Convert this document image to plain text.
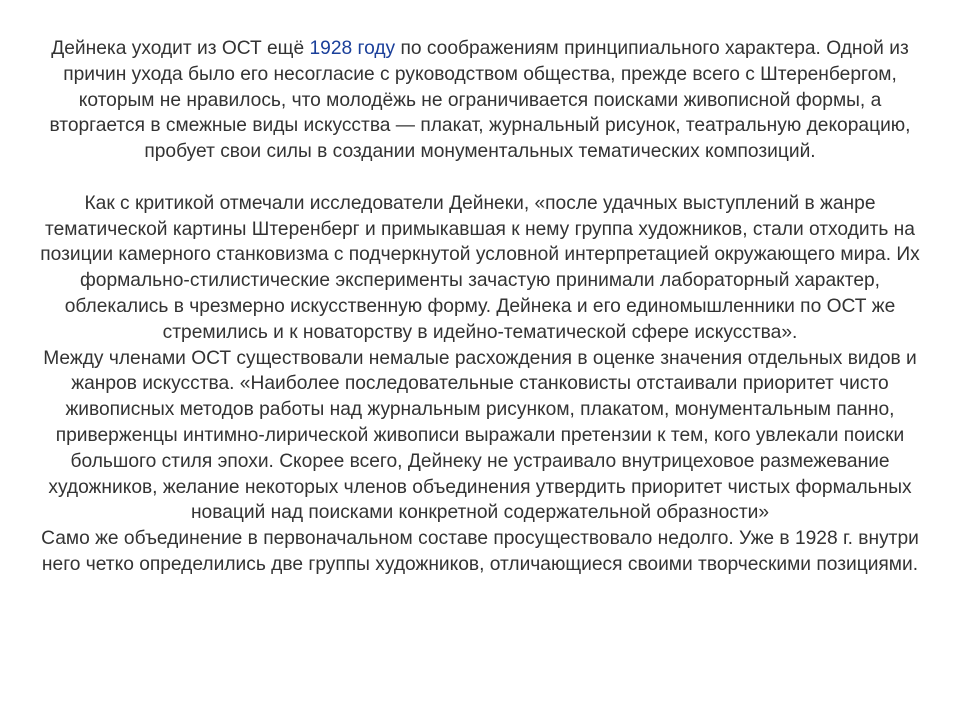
Дейнека уходит из ОСТ ещё 1928 году по соображениям принципиального характера. Одной из причин ухода было его несогласие с руководством общества, прежде всего с Штеренбергом, которым не нравилось, что молодёжь не ограничивается поисками живописной формы, а вторгается в смежные виды искусства — плакат, журнальный рисунок, театральную декорацию, пробует свои силы в создании монументальных тематических композиций.

Как с критикой отмечали исследователи Дейнеки, «после удачных выступлений в жанре тематической картины Штеренберг и примыкавшая к нему группа художников, стали отходить на позиции камерного станковизма с подчеркнутой условной интерпретацией окружающего мира. Их формально-стилистические эксперименты зачастую принимали лабораторный характер, облекались в чрезмерно искусственную форму. Дейнека и его единомышленники по ОСТ же стремились и к новаторству в идейно-тематической сфере искусства».

Между членами ОСТ существовали немалые расхождения в оценке значения отдельных видов и жанров искусства. «Наиболее последовательные станковисты отстаивали приоритет чисто живописных методов работы над журнальным рисунком, плакатом, монументальным панно, приверженцы интимно-лирической живописи выражали претензии к тем, кого увлекали поиски большого стиля эпохи. Скорее всего, Дейнеку не устраивало внутрицеховое размежевание художников, желание некоторых членов объединения утвердить приоритет чистых формальных новаций над поисками конкретной содержательной образности»

Само же объединение в первоначальном составе просуществовало недолго. Уже в 1928 г. внутри него четко определились две группы художников, отличающиеся своими творческими позициями.
